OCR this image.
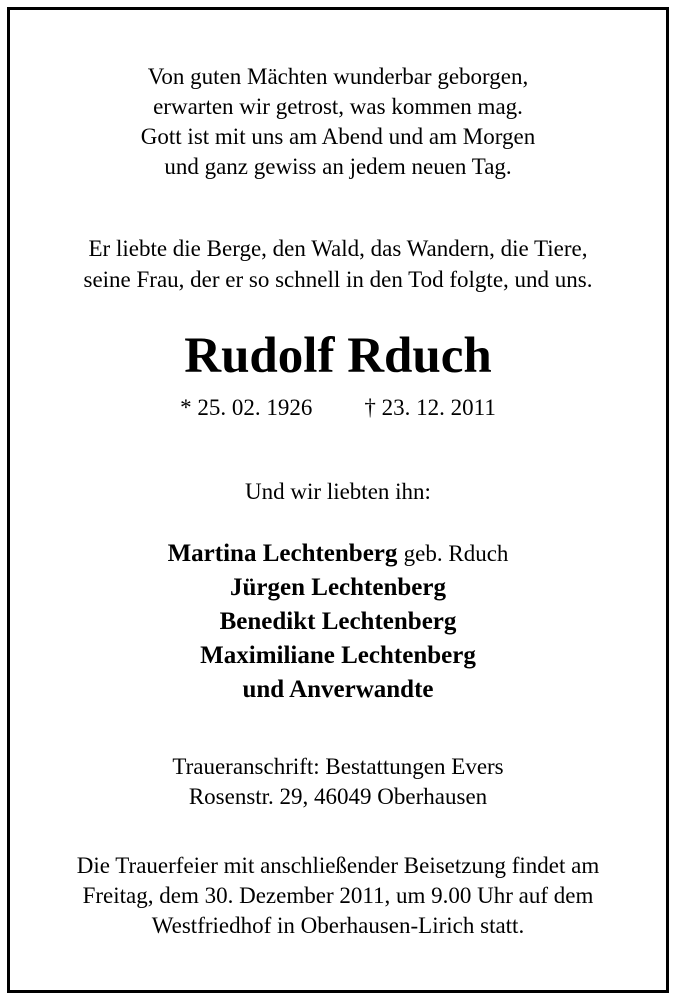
Von guten Mächten wunderbar geborgen,
erwarten wir getrost, was kommen mag.
Gott ist mit uns am Abend und am Morgen
und ganz gewiss an jedem neuen Tag.
Er liebte die Berge, den Wald, das Wandern, die Tiere,
seine Frau, der er so schnell in den Tod folgte, und uns.
Rudolf Rduch
* 25. 02. 1926 † 23. 12. 2011
Und wir liebten ihn:
Martina Lechtenberg geb. Rduch
Jürgen Lechtenberg
Benedikt Lechtenberg
Maximiliane Lechtenberg
und Anverwandte
Traueranschrift: Bestattungen Evers
Rosenstr. 29, 46049 Oberhausen
Die Trauerfeier mit anschließender Beisetzung findet am
Freitag, dem 30. Dezember 2011, um 9.00 Uhr auf dem
Westfriedhof in Oberhausen-Lirich statt.
